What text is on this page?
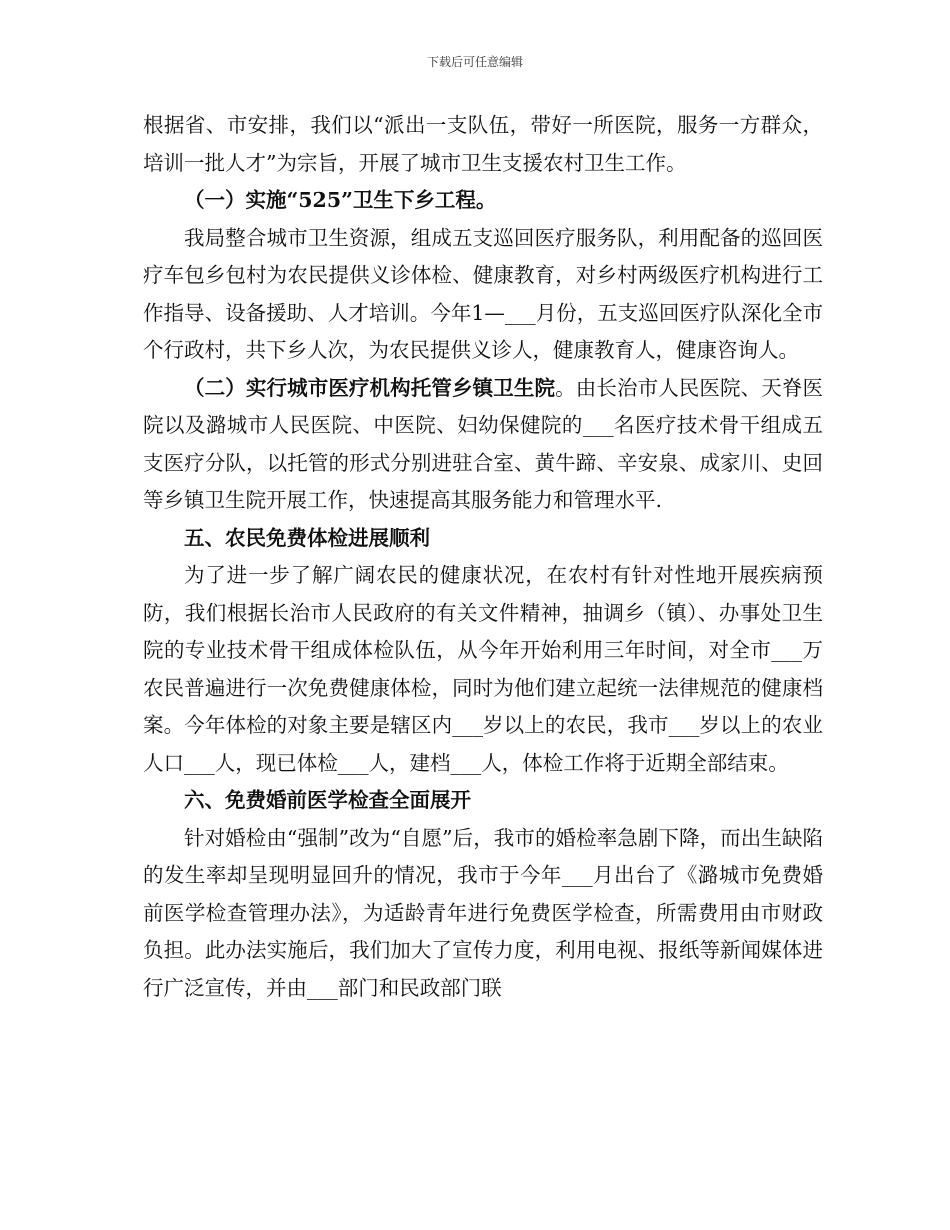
下载后可任意编辑

根据省、市安排，我们以“派出一支队伍，带好一所医院，服务一方群众，培训一批人才”为宗旨，开展了城市卫生支援农村卫生工作。

（一）实施“525”卫生下乡工程。

我局整合城市卫生资源，组成五支巡回医疗服务队，利用配备的巡回医疗车包乡包村为农民提供义诊体检、健康教育，对乡村两级医疗机构进行工作指导、设备援助、人才培训。今年1—___月份，五支巡回医疗队深化全市个行政村，共下乡人次，为农民提供义诊人，健康教育人，健康咨询人。

（二）实行城市医疗机构托管乡镇卫生院。由长治市人民医院、天脊医院以及潞城市人民医院、中医院、妇幼保健院的___名医疗技术骨干组成五支医疗分队，以托管的形式分别进驻合室、黄牛蹄、辛安泉、成家川、史回等乡镇卫生院开展工作，快速提高其服务能力和管理水平.

五、农民免费体检进展顺利

为了进一步了解广阔农民的健康状况，在农村有针对性地开展疾病预防，我们根据长治市人民政府的有关文件精神，抽调乡（镇）、办事处卫生院的专业技术骨干组成体检队伍，从今年开始利用三年时间，对全市___万农民普遍进行一次免费健康体检，同时为他们建立起统一法律规范的健康档案。今年体检的对象主要是辖区内___岁以上的农民，我市___岁以上的农业人口___人，现已体检___人，建档___人，体检工作将于近期全部结束。

六、免费婚前医学检查全面展开

针对婚检由“强制”改为“自愿”后，我市的婚检率急剧下降，而出生缺陷的发生率却呈现明显回升的情况，我市于今年___月出台了《潞城市免费婚前医学检查管理办法》，为适龄青年进行免费医学检查，所需费用由市财政负担。此办法实施后，我们加大了宣传力度，利用电视、报纸等新闻媒体进行广泛宣传，并由___部门和民政部门联
